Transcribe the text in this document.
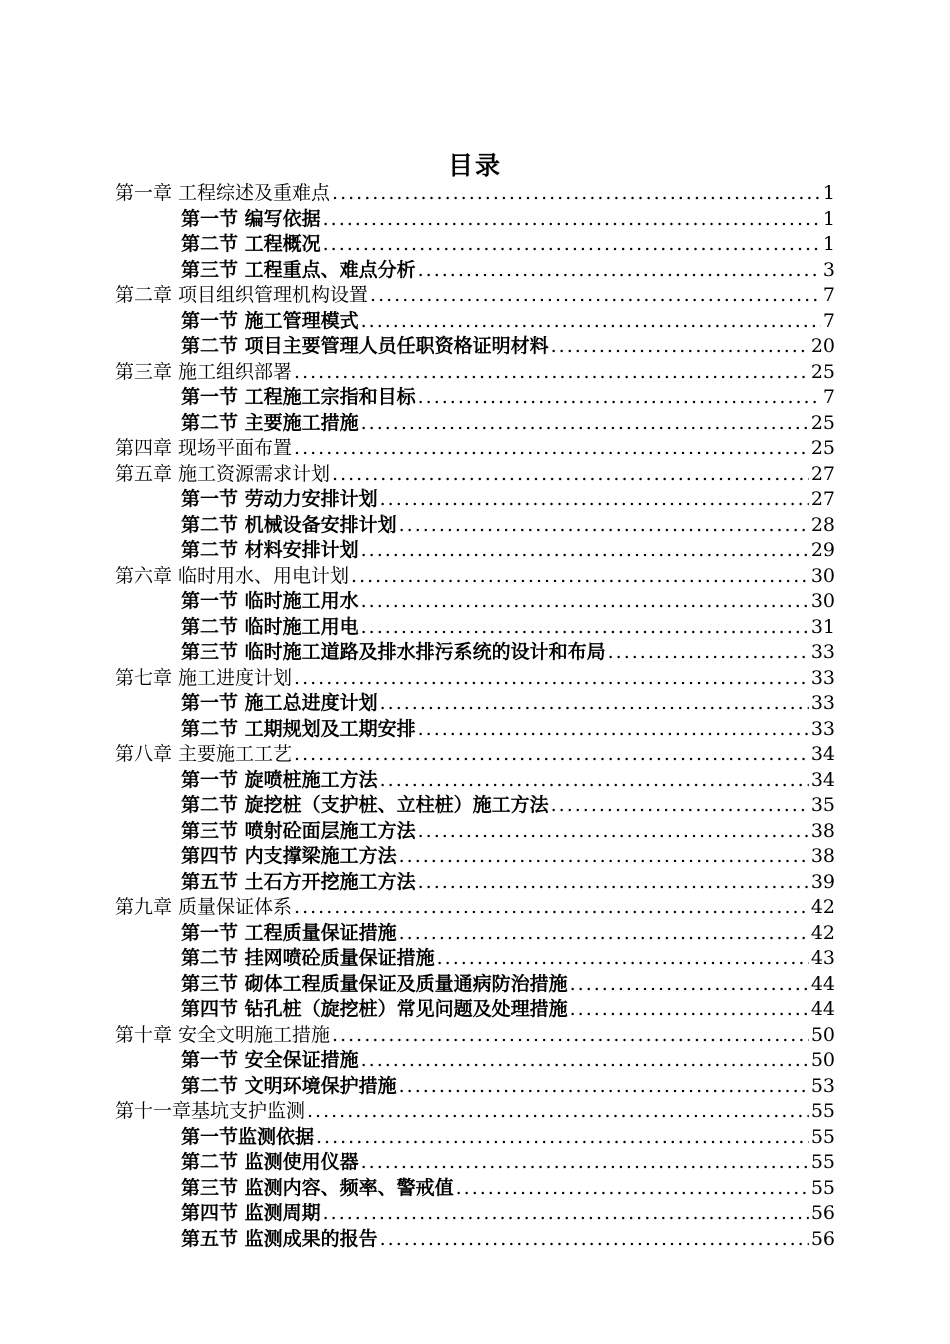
目录
第一章 工程综述及重难点 .....	1
第一节 编写依据 .....	1
第二节 工程概况 .....	1
第三节 工程重点、难点分析 .....	3
第二章 项目组织管理机构设置 .....	7
第一节 施工管理模式 .....	7
第二节 项目主要管理人员任职资格证明材料 .....	20
第三章 施工组织部署 .....	25
第一节 工程施工宗指和目标 .....	7
第二节 主要施工措施 .....	25
第四章 现场平面布置 .....	25
第五章 施工资源需求计划 .....	27
第一节 劳动力安排计划 .....	27
第二节 机械设备安排计划 .....	28
第二节 材料安排计划 .....	29
第六章 临时用水、用电计划 .....	30
第一节 临时施工用水 .....	30
第二节 临时施工用电 .....	31
第三节 临时施工道路及排水排污系统的设计和布局 .....	33
第七章 施工进度计划 .....	33
第一节 施工总进度计划 .....	33
第二节 工期规划及工期安排 .....	33
第八章 主要施工工艺 .....	34
第一节 旋喷桩施工方法 .....	34
第二节 旋挖桩（支护桩、立柱桩）施工方法 .....	35
第三节 喷射砼面层施工方法 .....	38
第四节 内支撑梁施工方法 .....	38
第五节 土石方开挖施工方法 .....	39
第九章 质量保证体系 .....	42
第一节 工程质量保证措施 .....	42
第二节 挂网喷砼质量保证措施 .....	43
第三节 砌体工程质量保证及质量通病防治措施 .....	44
第四节 钻孔桩（旋挖桩）常见问题及处理措施 .....	44
第十章 安全文明施工措施 .....	50
第一节 安全保证措施 .....	50
第二节 文明环境保护措施 .....	53
第十一章基坑支护监测 .....	55
第一节监测依据 .....	55
第二节 监测使用仪器 .....	55
第三节 监测内容、频率、警戒值 .....	55
第四节 监测周期 .....	56
第五节 监测成果的报告 .....	56
